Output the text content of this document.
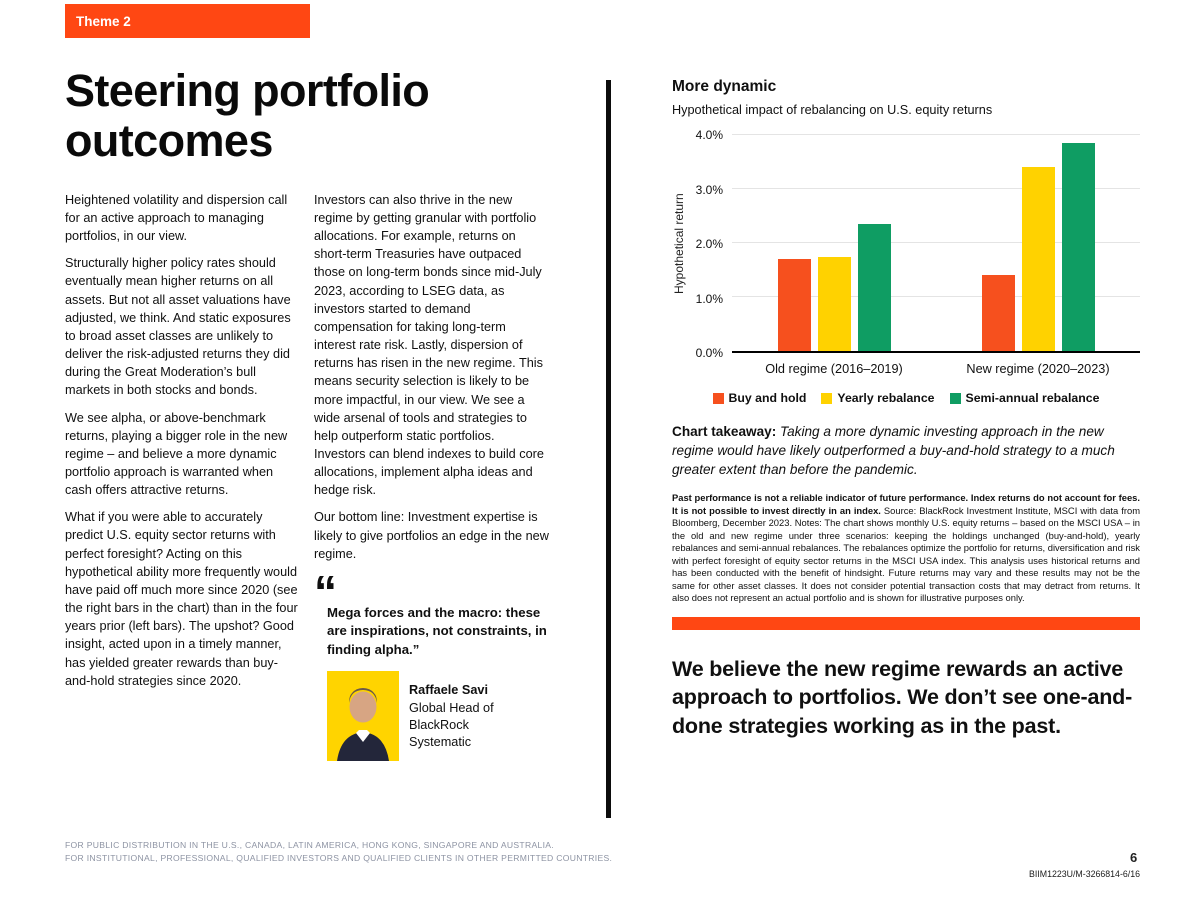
Theme 2
Steering portfolio outcomes

Heightened volatility and dispersion call for an active approach to managing portfolios, in our view.

Structurally higher policy rates should eventually mean higher returns on all assets. But not all asset valuations have adjusted, we think. And static exposures to broad asset classes are unlikely to deliver the risk-adjusted returns they did during the Great Moderation’s bull markets in both stocks and bonds.

We see alpha, or above-benchmark returns, playing a bigger role in the new regime – and believe a more dynamic portfolio approach is warranted when cash offers attractive returns.

What if you were able to accurately predict U.S. equity sector returns with perfect foresight? Acting on this hypothetical ability more frequently would have paid off much more since 2020 (see the right bars in the chart) than in the four years prior (left bars). The upshot? Good insight, acted upon in a timely manner, has yielded greater rewards than buy-and-hold strategies since 2020.

Investors can also thrive in the new regime by getting granular with portfolio allocations. For example, returns on short-term Treasuries have outpaced those on long-term bonds since mid-July 2023, according to LSEG data, as investors started to demand compensation for taking long-term interest rate risk. Lastly, dispersion of returns has risen in the new regime. This means security selection is likely to be more impactful, in our view. We see a wide arsenal of tools and strategies to help outperform static portfolios. Investors can blend indexes to build core allocations, implement alpha ideas and hedge risk.

Our bottom line: Investment expertise is likely to give portfolios an edge in the new regime.

“
Mega forces and the macro: these are inspirations, not constraints, in finding alpha.”
Raffaele Savi
Global Head of BlackRock Systematic
More dynamic
Hypothetical impact of rebalancing on U.S. equity returns
Hypothetical return
0.0%
1.0%
2.0%
3.0%
4.0%
Old regime (2016–2019)	New regime (2020–2023)
Buy and hold	Yearly rebalance	Semi-annual rebalance
Chart takeaway: Taking a more dynamic investing approach in the new regime would have likely outperformed a buy-and-hold strategy to a much greater extent than before the pandemic.
Past performance is not a reliable indicator of future performance. Index returns do not account for fees. It is not possible to invest directly in an index. Source: BlackRock Investment Institute, MSCI with data from Bloomberg, December 2023. Notes: The chart shows monthly U.S. equity returns – based on the MSCI USA – in the old and new regime under three scenarios: keeping the holdings unchanged (buy-and-hold), yearly rebalances and semi-annual rebalances. The rebalances optimize the portfolio for returns, diversification and risk with perfect foresight of equity sector returns in the MSCI USA index. This analysis uses historical returns and has been conducted with the benefit of hindsight. Future returns may vary and these results may not be the same for other asset classes. It does not consider potential transaction costs that may detract from returns. It also does not represent an actual portfolio and is shown for illustrative purposes only.
We believe the new regime rewards an active approach to portfolios. We don’t see one-and-done strategies working as in the past.
FOR PUBLIC DISTRIBUTION IN THE U.S., CANADA, LATIN AMERICA, HONG KONG, SINGAPORE AND AUSTRALIA.
FOR INSTITUTIONAL, PROFESSIONAL, QUALIFIED INVESTORS AND QUALIFIED CLIENTS IN OTHER PERMITTED COUNTRIES.	6
BIIM1223U/M-3266814-6/16
